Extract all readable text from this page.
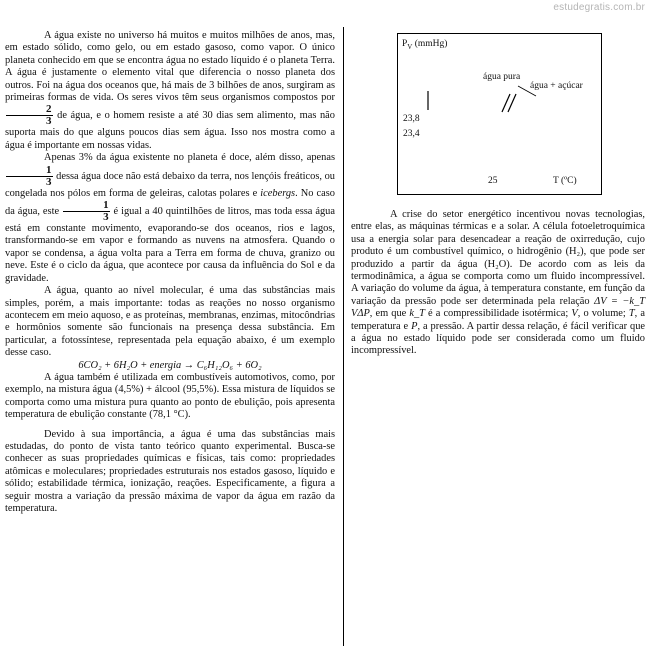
estudegratis.com.br

A água existe no universo há muitos e muitos milhões de anos, mas, em estado sólido, como gelo, ou em estado gasoso, como vapor. O único planeta conhecido em que se encontra água no estado líquido é o planeta Terra. A água é justamente o elemento vital que diferencia o nosso planeta dos outros. Foi na água dos oceanos que, há mais de 3 bilhões de anos, surgiram as primeiras formas de vida. Os seres vivos têm seus organismos compostos por
$\frac{2}{3}$ de água, e o homem resiste a até 30 dias sem alimento, mas não suporta mais do que alguns poucos dias sem água. Isso nos mostra como a água é importante em nossas vidas.

Apenas 3% da água existente no planeta é doce, além disso, apenas
$\frac{1}{3}$ dessa água doce não está debaixo da terra, nos lençóis freáticos, ou congelada nos pólos em forma de geleiras, calotas polares e icebergs. No caso da água, este $\frac{1}{3}$ é igual a 40 quintilhões de litros, mas toda essa água está em constante movimento, evaporando-se dos oceanos, rios e lagos, transformando-se em vapor e formando as nuvens na atmosfera. Quando o vapor se condensa, a água volta para a Terra em forma de chuva, granizo ou neve. Este é o ciclo da água, que acontece por causa da influência do Sol e da gravidade.

A água, quanto ao nível molecular, é uma das substâncias mais simples, porém, a mais importante: todas as reações no nosso organismo acontecem em meio aquoso, e as proteínas, membranas, enzimas, mitocôndrias e hormônios somente são funcionais na presença dessa substância. Em particular, a fotossíntese, representada pela equação abaixo, é um exemplo desse caso.

6CO₂ + 6H₂O + energia → C₆H₁₂O₆ + 6O₂

A água também é utilizada em combustíveis automotivos, como, por exemplo, na mistura água (4,5%) + álcool (95,5%). Essa mistura de líquidos se comporta como uma mistura pura quanto ao ponto de ebulição, pois apresenta temperatura de ebulição constante (78,1 °C).

Devido à sua importância, a água é uma das substâncias mais estudadas, do ponto de vista tanto teórico quanto experimental. Busca-se conhecer as suas propriedades químicas e físicas, tais como: propriedades atômicas e moleculares; propriedades estruturais nos estados gasoso, líquido e sólido; estabilidade térmica, ionização, reações. Especificamente, a figura a seguir mostra a variação da pressão máxima de vapor da água em razão da temperatura.

$P_V$ (mmHg)
água pura
água + açúcar
23,8
23,4
25	T (ºC)

A crise do setor energético incentivou novas tecnologias, entre elas, as máquinas térmicas e a solar. A célula fotoeletroquímica usa a energia solar para desencadear a reação de oxirredução, cujo produto é um combustível químico, o hidrogênio (H₂), que pode ser produzido a partir da água (H₂O). De acordo com as leis da termodinâmica, a água se comporta como um fluido incompressível. A variação do volume da água, à temperatura constante, em função da variação da pressão pode ser determinada pela relação ΔV = −k_T VΔP, em que k_T é a compressibilidade isotérmica; V, o volume; T, a temperatura e P, a pressão. A partir dessa relação, é fácil verificar que a água no estado líquido pode ser considerada como um fluido incompressível.
